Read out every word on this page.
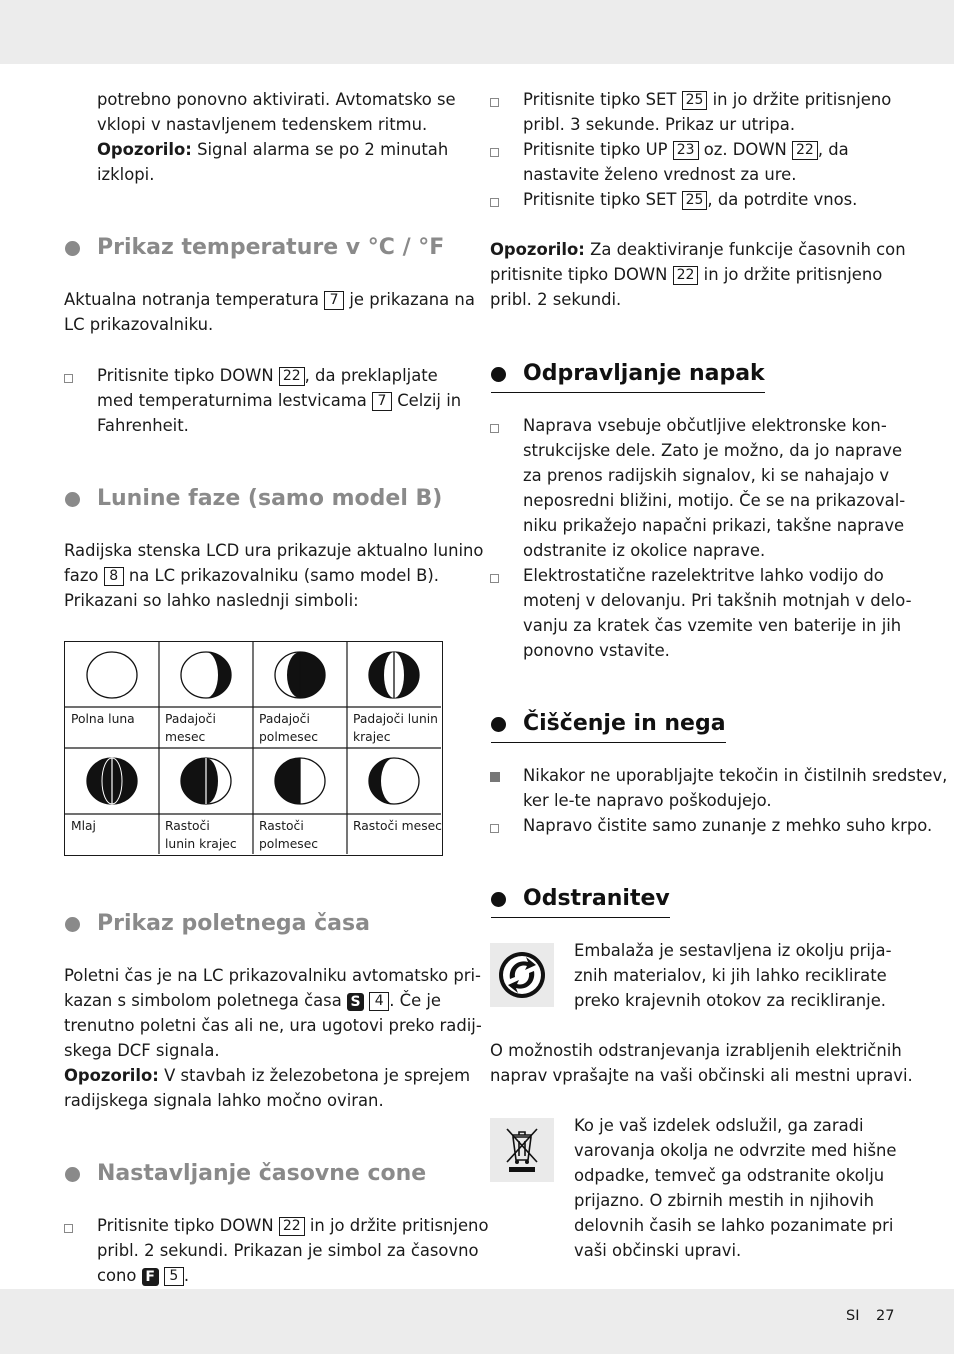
potrebno ponovno aktivirati. Avtomatsko se

vklopi v nastavljenem tedenskem ritmu.

Opozorilo: Signal alarma se po 2 minutah

izklopi.

Prikaz temperature v °C / °F

Aktualna notranja temperatura 7 je prikazana na

LC prikazovalniku.

Pritisnite tipko DOWN 22 , da preklapljate

med temperaturnima lestvicama 7 Celzij in

Fahrenheit.

Lunine faze (samo model B)

Radijska stenska LCD ura prikazuje aktualno lunino

fazo 8 na LC prikazovalniku (samo model B).

Prikazani so lahko naslednji simboli:

Polna luna	Padajoči
mesec
Padajoči
polmesec
Padajoči lunin
krajec
Mlaj	Rastoči
lunin krajec
Rastoči
polmesec
Rastoči mesec
Prikaz poletnega časa

Poletni čas je na LC prikazovalniku avtomatsko pri-

kazan s simbolom poletnega časa S 4 . Če je

trenutno poletni čas ali ne, ura ugotovi preko radij-

skega DCF signala.

Opozorilo: V stavbah iz železobetona je sprejem

radijskega signala lahko močno oviran.

Nastavljanje časovne cone

Pritisnite tipko DOWN 22 in jo držite pritisnjeno

pribl. 2 sekundi. Prikazan je simbol za časovno

cono F 5 .

Pritisnite tipko SET 25 in jo držite pritisnjeno

pribl. 3 sekunde. Prikaz ur utripa.

Pritisnite tipko UP 23 oz. DOWN 22 , da

nastavite želeno vrednost za ure.

Pritisnite tipko SET 25 , da potrdite vnos.

Opozorilo: Za deaktiviranje funkcije časovnih con

pritisnite tipko DOWN 22 in jo držite pritisnjeno

pribl. 2 sekundi.

Odpravljanje napak

Naprava vsebuje občutljive elektronske kon-

strukcijske dele. Zato je možno, da jo naprave

za prenos radijskih signalov, ki se nahajajo v

neposredni bližini, motijo. Če se na prikazoval-

niku prikažejo napačni prikazi, takšne naprave

odstranite iz okolice naprave.

Elektrostatične razelektritve lahko vodijo do

motenj v delovanju. Pri takšnih motnjah v delo-

vanju za kratek čas vzemite ven baterije in jih

ponovno vstavite.

Čiščenje in nega

Nikakor ne uporabljajte tekočin in čistilnih sredstev,

ker le-te napravo poškodujejo.

Napravo čistite samo zunanje z mehko suho krpo.

Odstranitev

Embalaža je sestavljena iz okolju prija-

znih materialov, ki jih lahko reciklirate

preko krajevnih otokov za recikliranje.

O možnostih odstranjevanja izrabljenih električnih

naprav vprašajte na vaši občinski ali mestni upravi.

Ko je vaš izdelek odslužil, ga zaradi

varovanja okolja ne odvrzite med hišne

odpadke, temveč ga odstranite okolju

prijazno. O zbirnih mestih in njihovih

delovnih časih se lahko pozanimate pri

vaši občinski upravi.

SI 27
